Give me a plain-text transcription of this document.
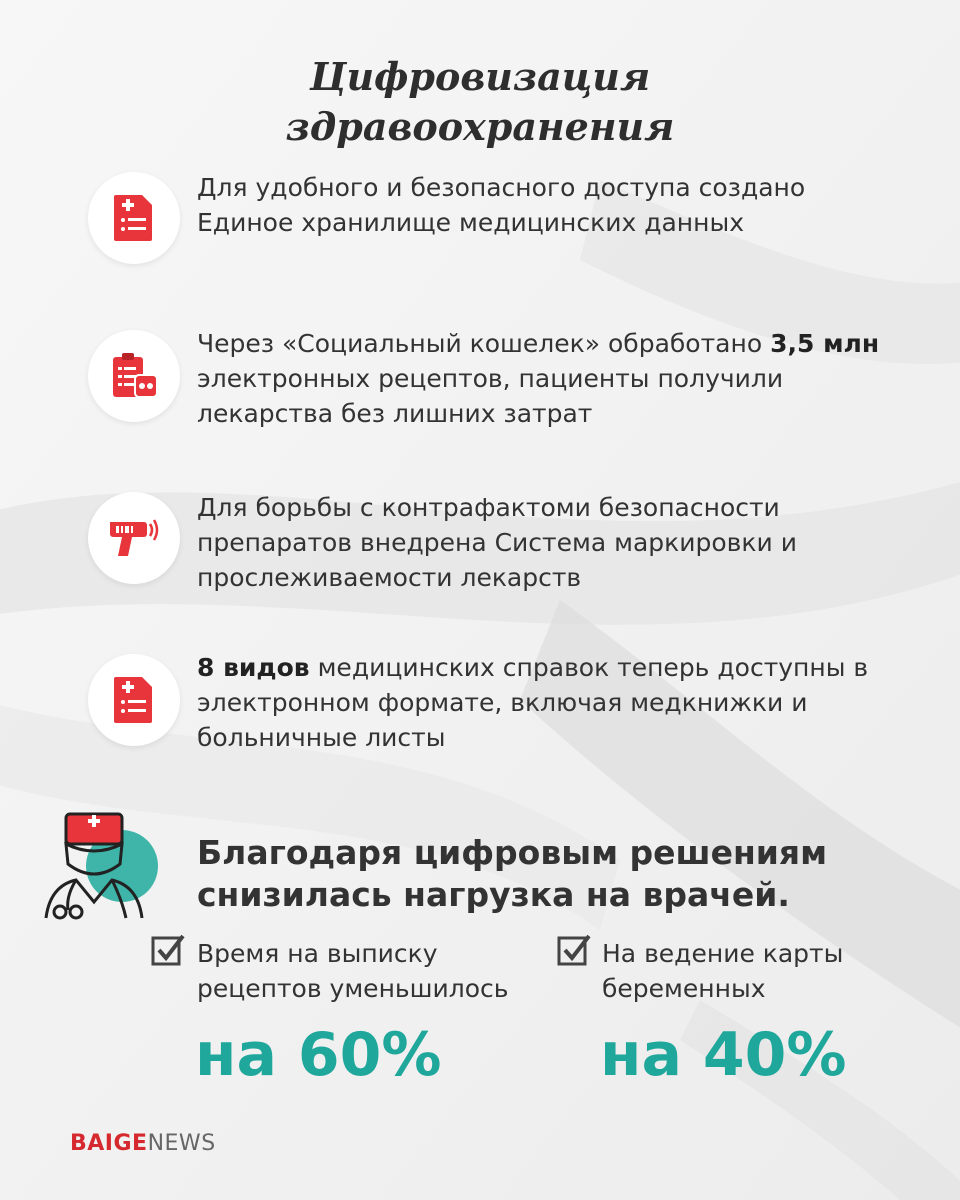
Цифровизация
здравоохранения
Для удобного и безопасного доступа создано Единое хранилище медицинских данных
Через «Социальный кошелек» обработано 3,5 млн электронных рецептов, пациенты получили лекарства без лишних затрат
Для борьбы с контрафактоми безопасности препаратов внедрена Система маркировки и прослеживаемости лекарств
8 видов медицинских справок теперь доступны в электронном формате, включая медкнижки и больничные листы
Благодаря цифровым решениям
снизилась нагрузка на врачей.
Время на выписку
рецептов уменьшилось
на 60%
На ведение карты
беременных
на 40%
BAIGENEWS
